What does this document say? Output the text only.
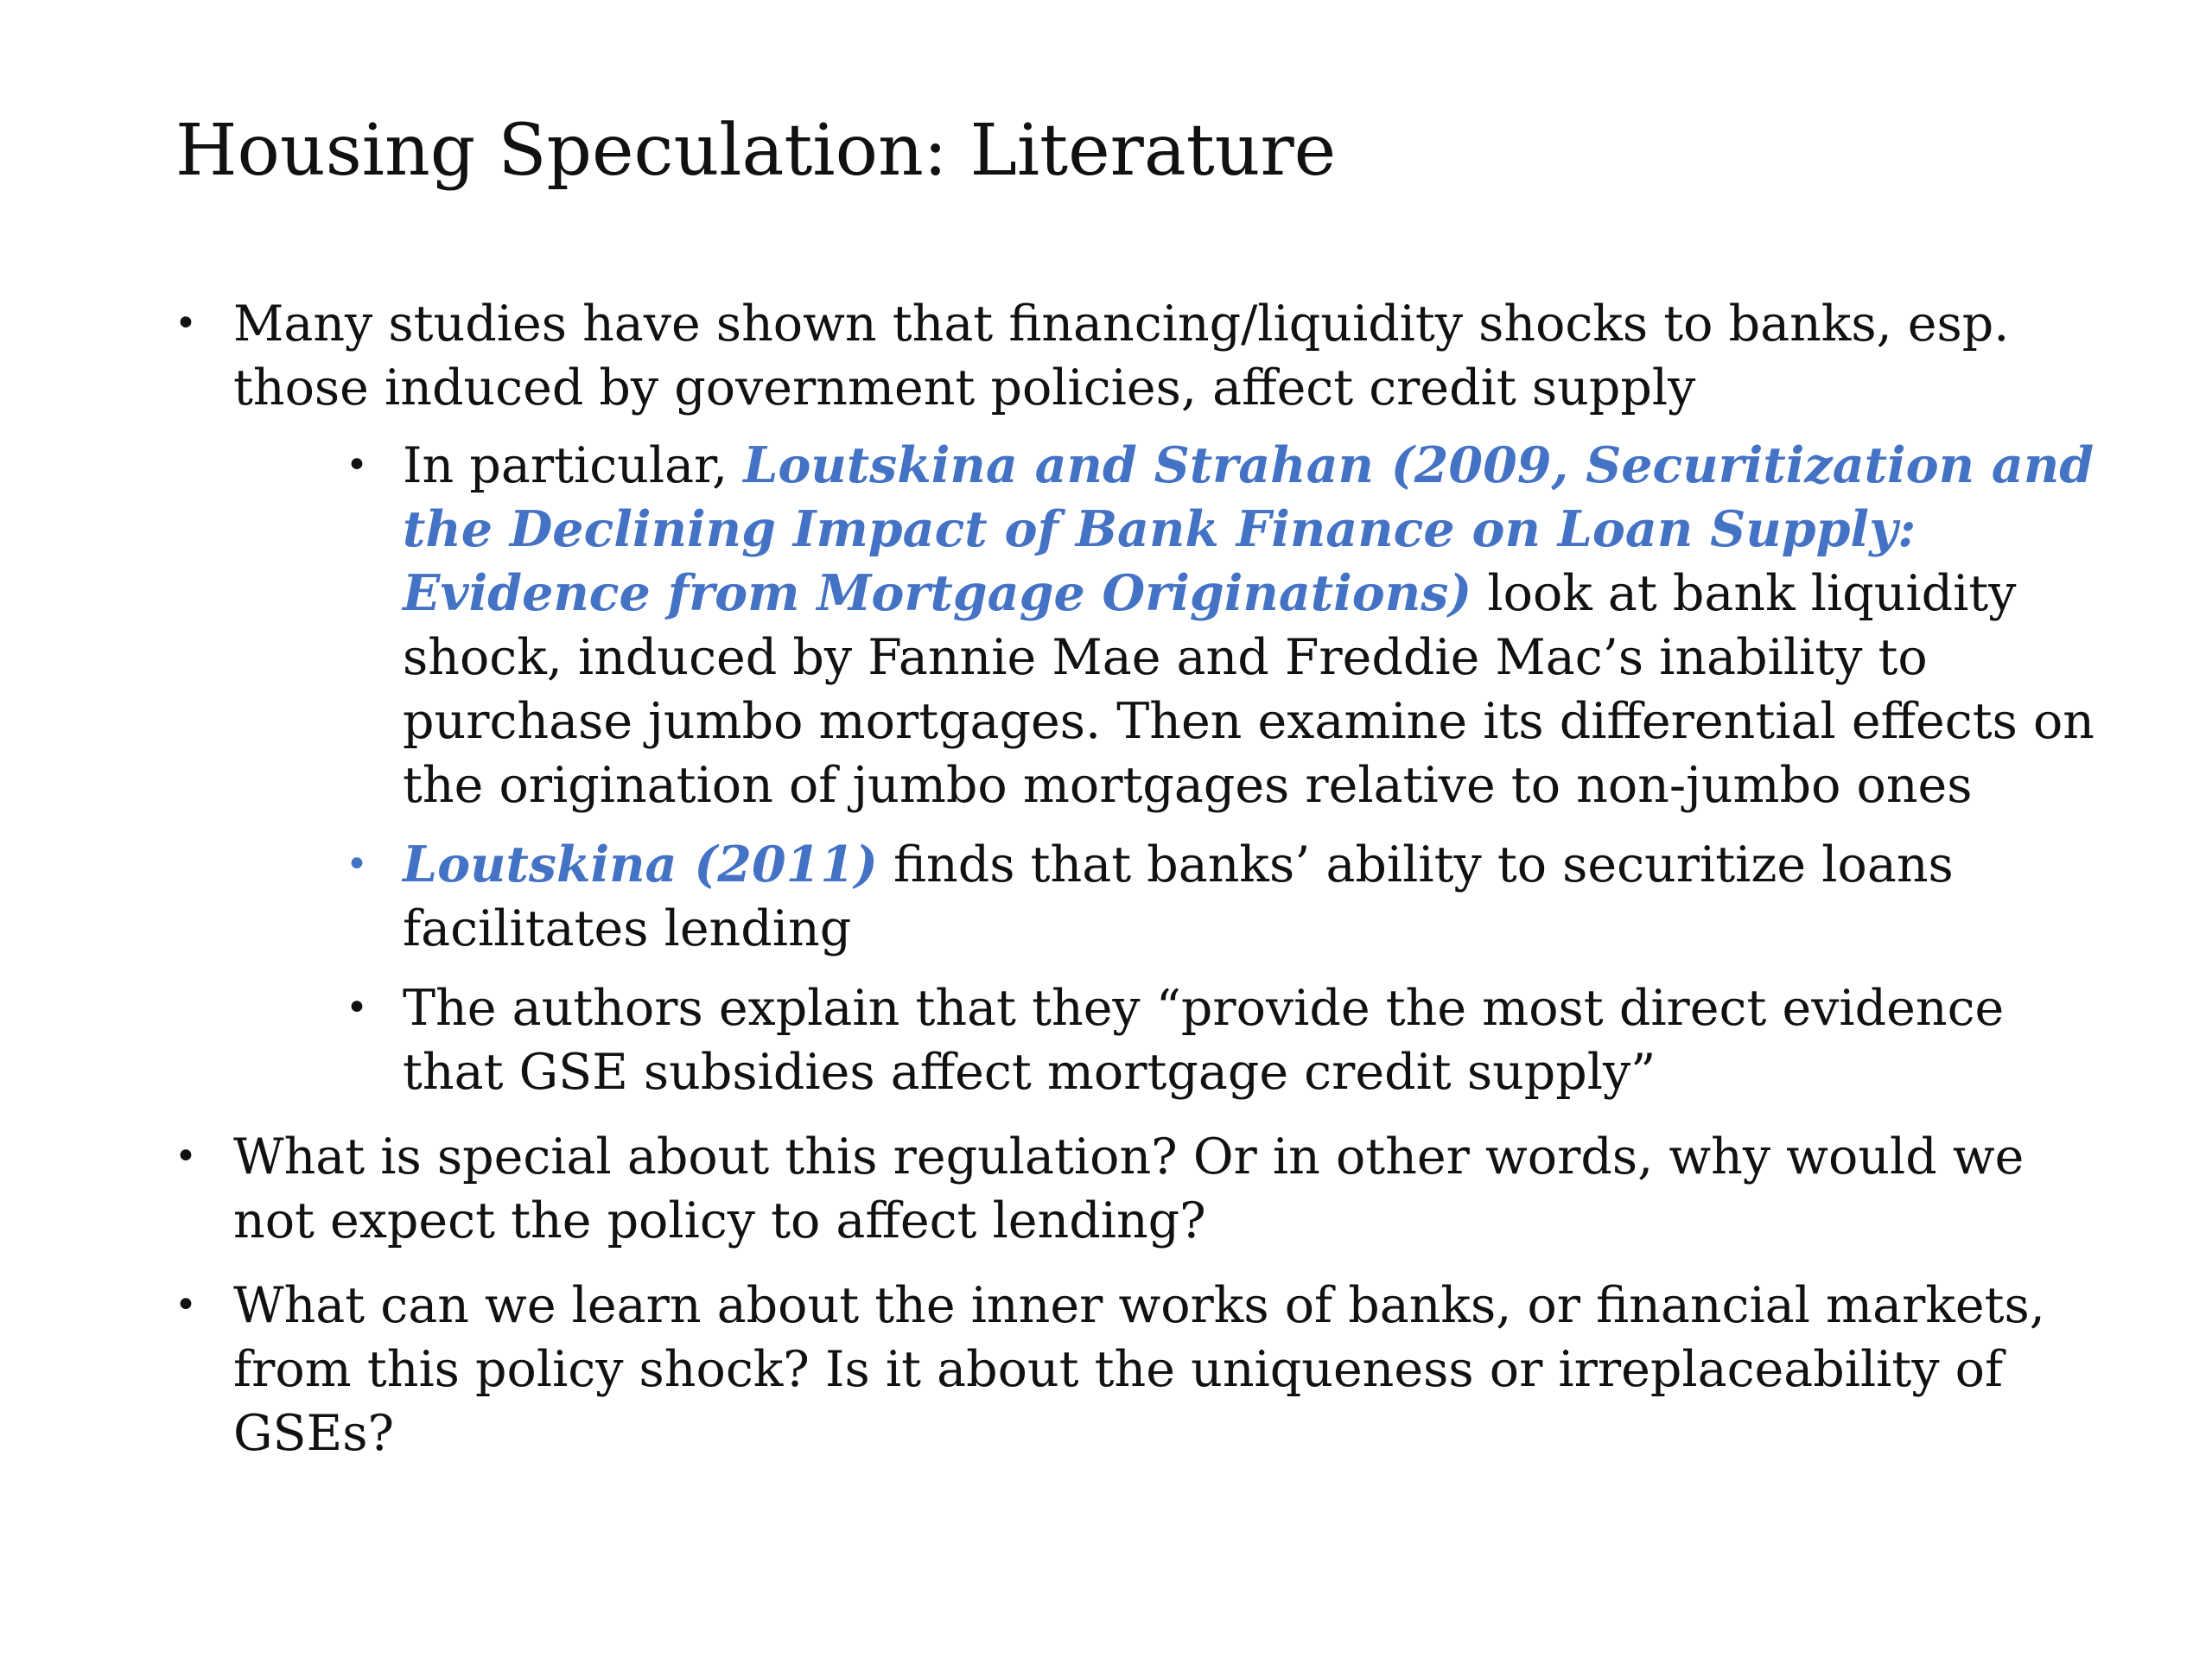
Housing Speculation: Literature
• Many studies have shown that financing/liquidity shocks to banks, esp. those induced by government policies, affect credit supply
• In particular, Loutskina and Strahan (2009, Securitization and the Declining Impact of Bank Finance on Loan Supply: Evidence from Mortgage Originations) look at bank liquidity shock, induced by Fannie Mae and Freddie Mac’s inability to purchase jumbo mortgages. Then examine its differential effects on the origination of jumbo mortgages relative to non-jumbo ones
• Loutskina (2011) finds that banks’ ability to securitize loans facilitates lending
• The authors explain that they “provide the most direct evidence that GSE subsidies affect mortgage credit supply”
• What is special about this regulation? Or in other words, why would we not expect the policy to affect lending?
• What can we learn about the inner works of banks, or financial markets, from this policy shock? Is it about the uniqueness or irreplaceability of GSEs?
